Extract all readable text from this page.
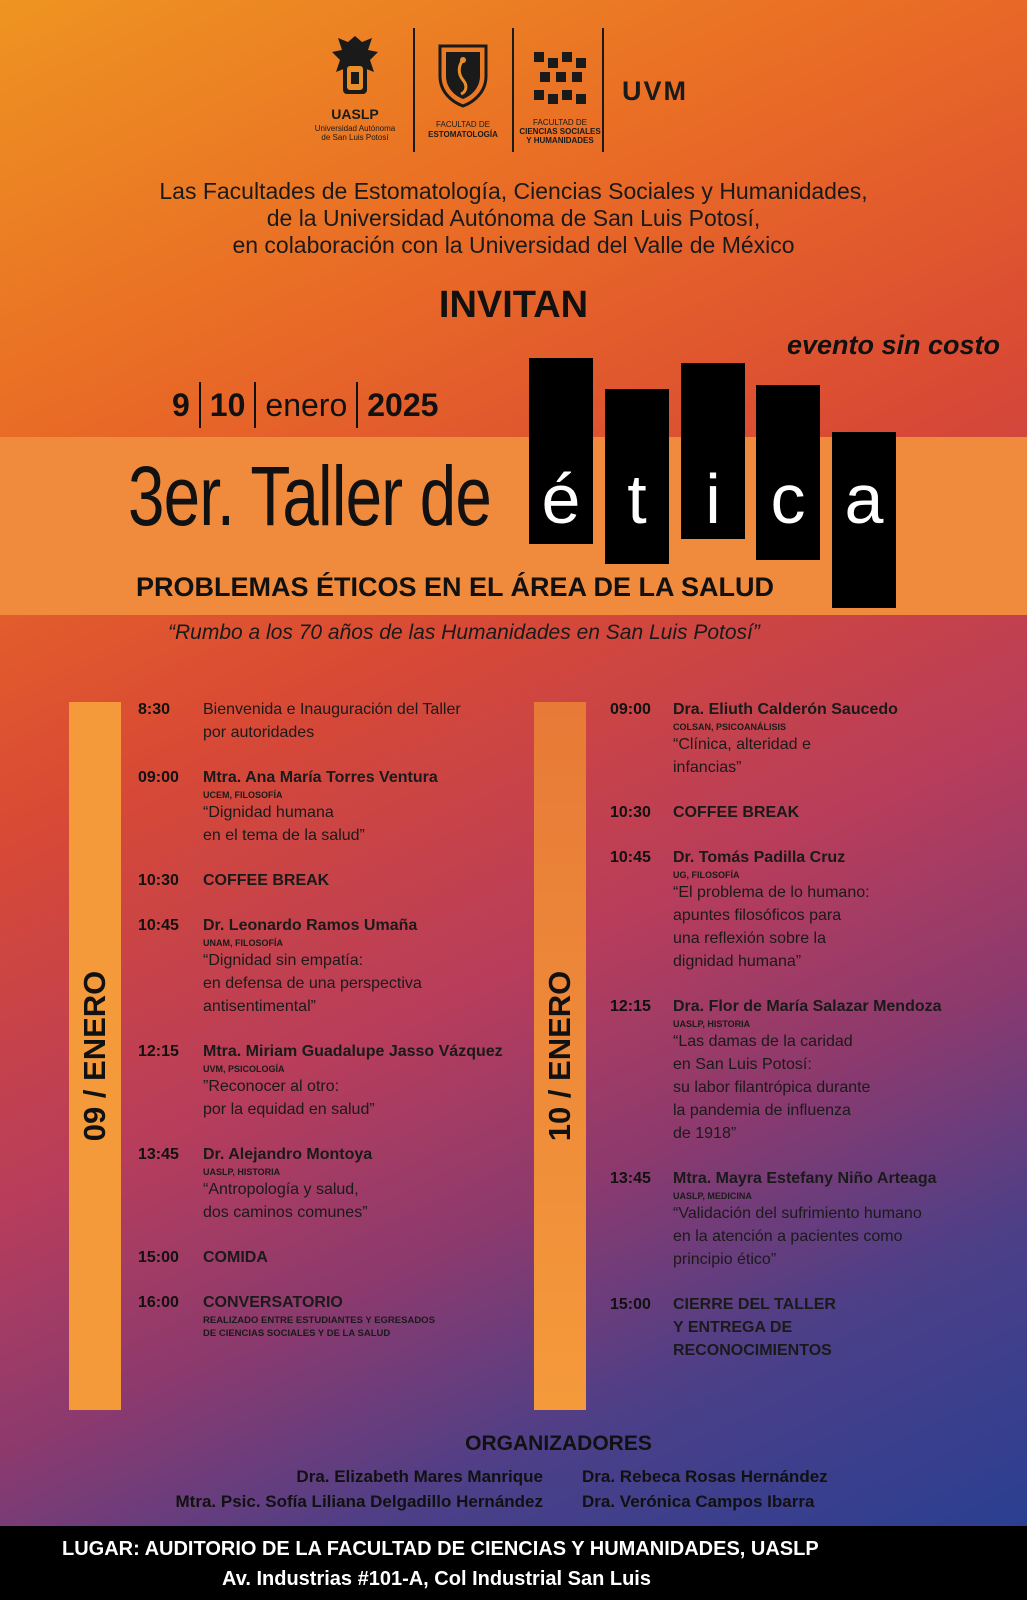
UASLP
Universidad Autónoma
de San Luis Potosí
FACULTAD DE
ESTOMATOLOGÍA
FACULTAD DE
CIENCIAS SOCIALES
Y HUMANIDADES
UVM
Las Facultades de Estomatología, Ciencias Sociales y Humanidades,
de la Universidad Autónoma de San Luis Potosí,
en colaboración con la Universidad del Valle de México
INVITAN
evento sin costo
9 10 enero 2025
3er. Taller de é t i c a
PROBLEMAS ÉTICOS EN EL ÁREA DE LA SALUD
“Rumbo a los 70 años de las Humanidades en San Luis Potosí”
09 / ENERO	10 / ENERO
8:30 Bienvenida e Inauguración del Taller
por autoridades
09:00 Mtra. Ana María Torres Ventura
UCEM, FILOSOFÍA
“Dignidad humana
en el tema de la salud”
10:30 COFFEE BREAK
10:45 Dr. Leonardo Ramos Umaña
UNAM, FILOSOFÍA
“Dignidad sin empatía:
en defensa de una perspectiva
antisentimental”
12:15 Mtra. Miriam Guadalupe Jasso Vázquez
UVM, PSICOLOGÍA
”Reconocer al otro:
por la equidad en salud”
13:45 Dr. Alejandro Montoya
UASLP, HISTORIA
“Antropología y salud,
dos caminos comunes”
15:00 COMIDA
16:00 CONVERSATORIO
REALIZADO ENTRE ESTUDIANTES Y EGRESADOS
DE CIENCIAS SOCIALES Y DE LA SALUD
09:00 Dra. Eliuth Calderón Saucedo
COLSAN, PSICOANÁLISIS
“Clínica, alteridad e
infancias”
10:30 COFFEE BREAK
10:45 Dr. Tomás Padilla Cruz
UG, FILOSOFÍA
“El problema de lo humano:
apuntes filosóficos para
una reflexión sobre la
dignidad humana”
12:15 Dra. Flor de María Salazar Mendoza
UASLP, HISTORIA
“Las damas de la caridad
en San Luis Potosí:
su labor filantrópica durante
la pandemia de influenza
de 1918”
13:45 Mtra. Mayra Estefany Niño Arteaga
UASLP, MEDICINA
“Validación del sufrimiento humano
en la atención a pacientes como
principio ético”
15:00 CIERRE DEL TALLER
Y ENTREGA DE
RECONOCIMIENTOS
ORGANIZADORES
Dra. Elizabeth Mares Manrique
Mtra. Psic. Sofía Liliana Delgadillo Hernández
Dra. Rebeca Rosas Hernández
Dra. Verónica Campos Ibarra
LUGAR: AUDITORIO DE LA FACULTAD DE CIENCIAS Y HUMANIDADES, UASLP
Av. Industrias #101-A, Col Industrial San Luis
